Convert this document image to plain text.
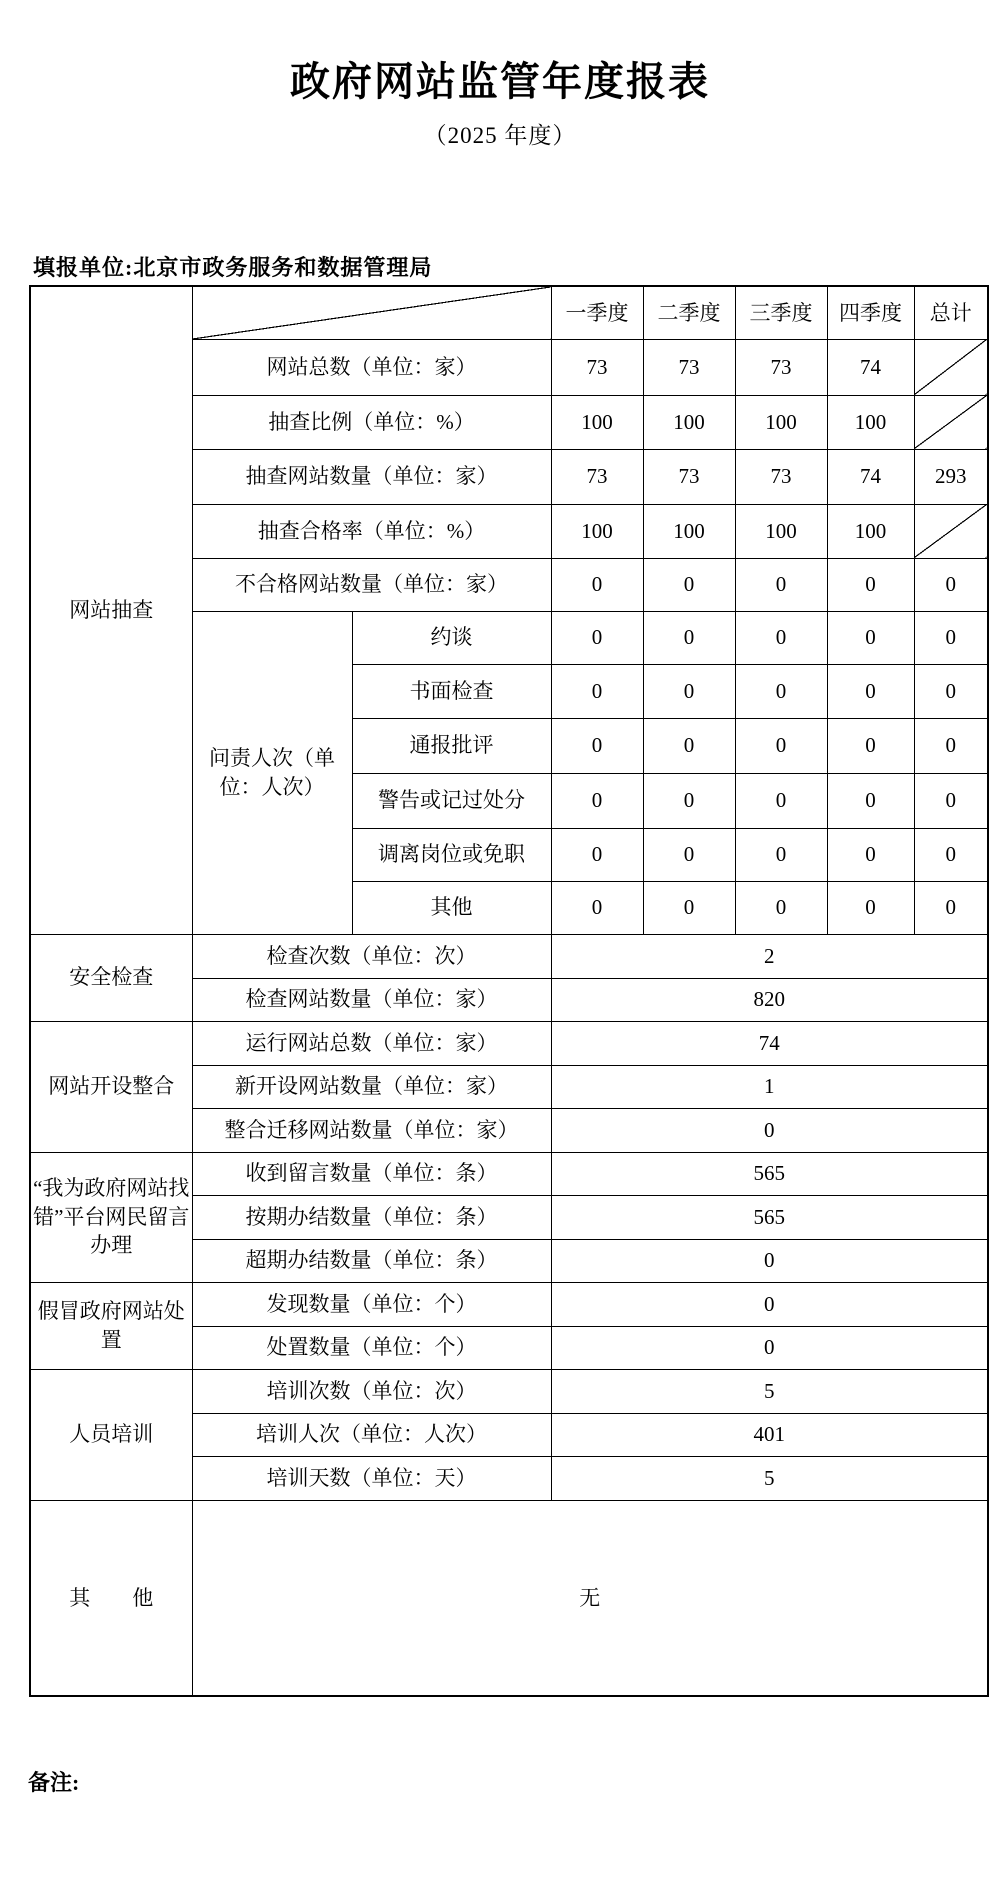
政府网站监管年度报表
（2025 年度）
填报单位:北京市政务服务和数据管理局
网站抽查			一季度	二季度	三季度	四季度	总计
	网站总数（单位：家）		73	73	73	74	
	抽查比例（单位：%）		100	100	100	100	
	抽查网站数量（单位：家）		73	73	73	74	293
	抽查合格率（单位：%）		100	100	100	100	
	不合格网站数量（单位：家）		0	0	0	0	0
	问责人次（单位：人次）	约谈	0	0	0	0	0
		书面检查	0	0	0	0	0
		通报批评	0	0	0	0	0
		警告或记过处分	0	0	0	0	0
		调离岗位或免职	0	0	0	0	0
		其他	0	0	0	0	0
安全检查	检查次数（单位：次）		2				
	检查网站数量（单位：家）		820				
网站开设整合	运行网站总数（单位：家）		74				
	新开设网站数量（单位：家）		1				
	整合迁移网站数量（单位：家）		0				
“我为政府网站找错”平台网民留言办理	收到留言数量（单位：条）		565				
	按期办结数量（单位：条）		565				
	超期办结数量（单位：条）		0				
假冒政府网站处置	发现数量（单位：个）		0				
	处置数量（单位：个）		0				
人员培训	培训次数（单位：次）		5				
	培训人次（单位：人次）		401				
	培训天数（单位：天）		5				
其　　他	无						
备注:
